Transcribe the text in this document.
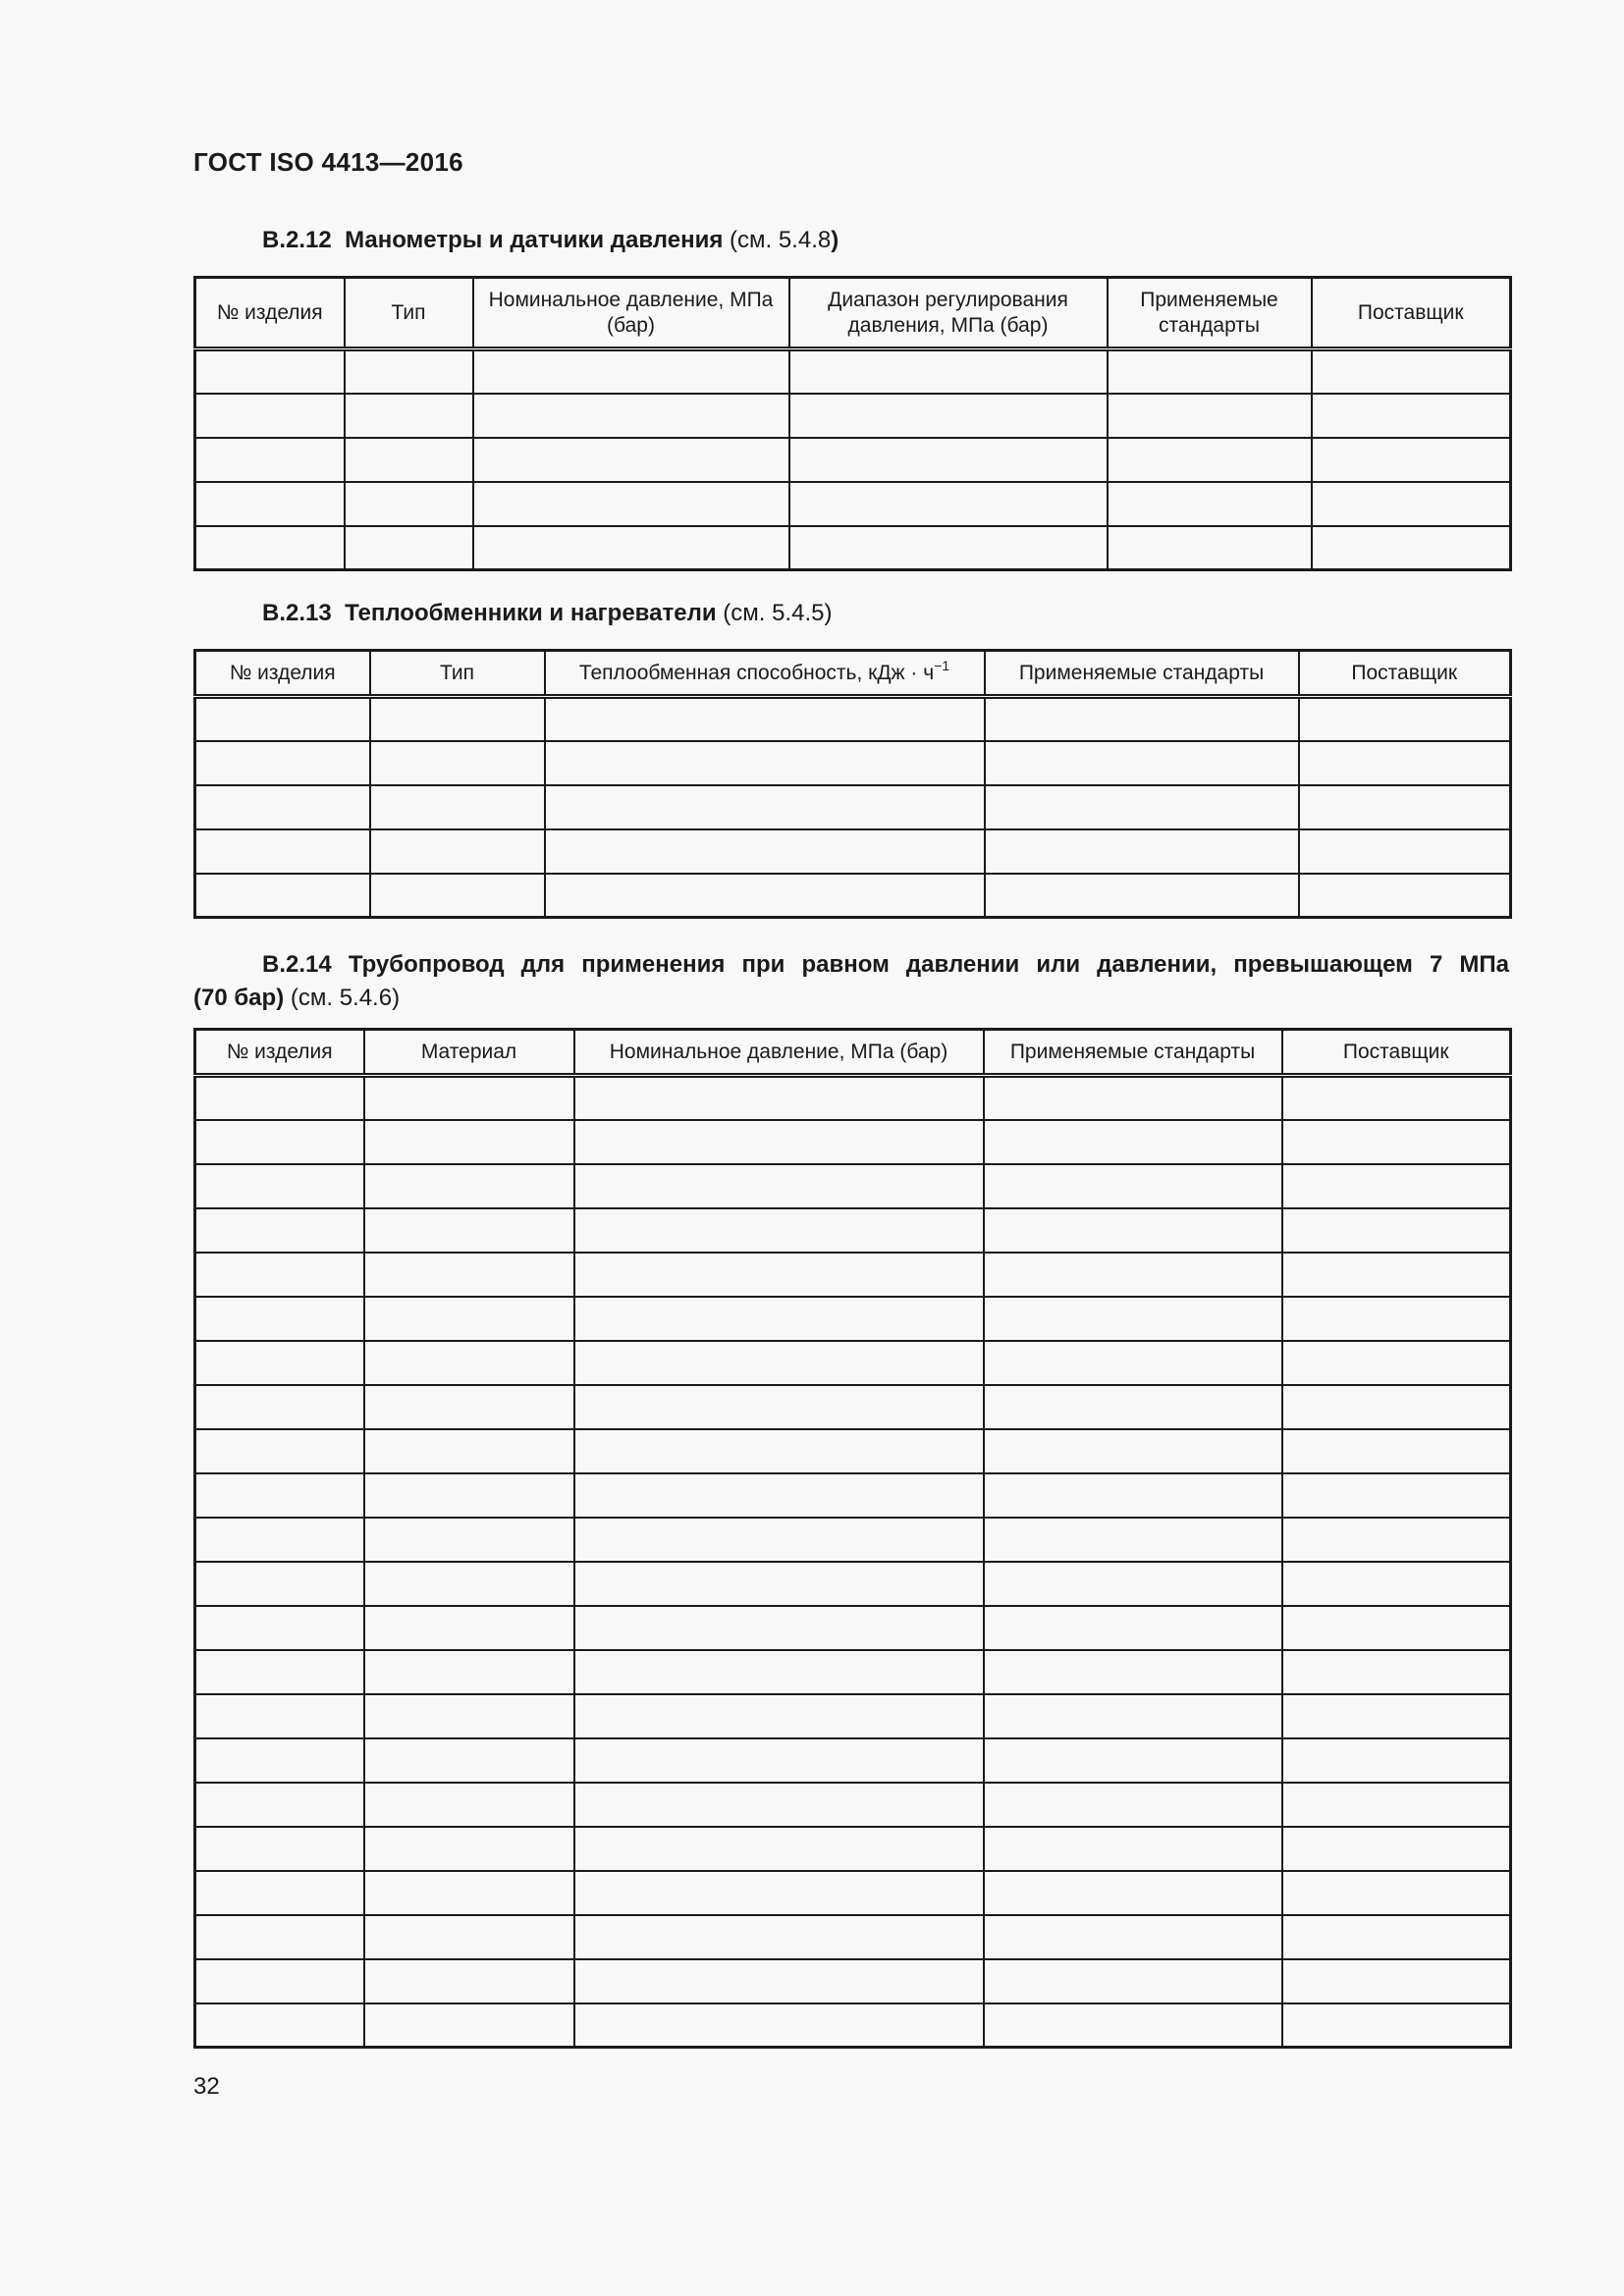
ГОСТ ISO 4413—2016
B.2.12 Манометры и датчики давления (см. 5.4.8)
№ изделия	Тип	Номинальное давление, МПа (бар)	Диапазон регулирования давления, МПа (бар)	Применяемые стандарты	Поставщик

B.2.13 Теплообменники и нагреватели (см. 5.4.5)
№ изделия	Тип	Теплообменная способность, кДж · $ч^{-1}$	Применяемые стандарты	Поставщик

B.2.14 Трубопровод для применения при равном давлении или давлении, превышающем 7 МПа
(70 бар) (см. 5.4.6)
№ изделия	Материал	Номинальное давление, МПа (бар)	Применяемые стандарты	Поставщик

32
